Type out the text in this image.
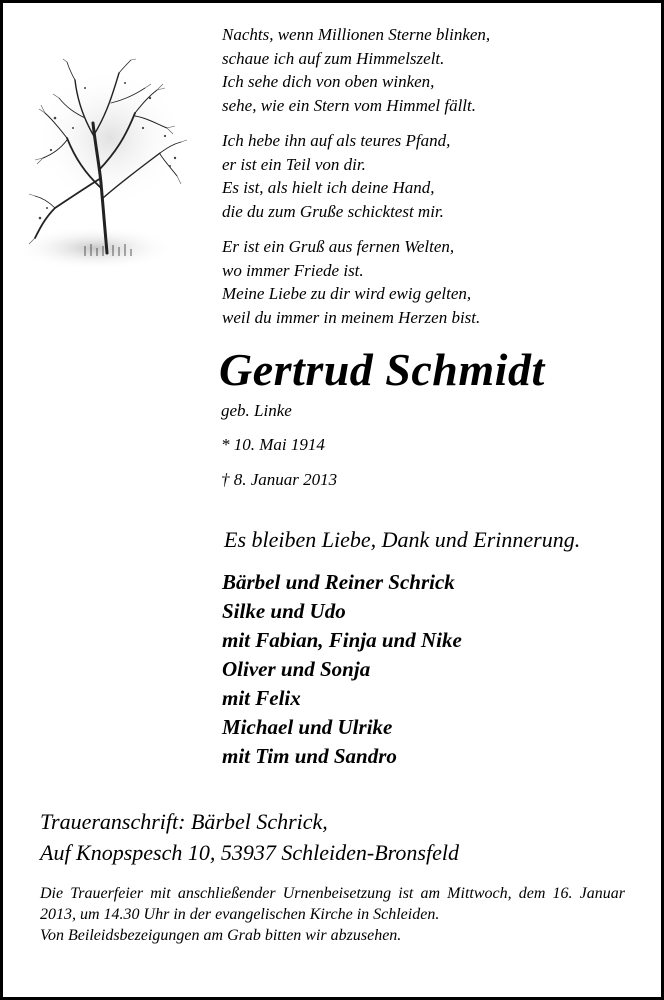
Nachts, wenn Millionen Sterne blinken,
schaue ich auf zum Himmelszelt.
Ich sehe dich von oben winken,
sehe, wie ein Stern vom Himmel fällt.
Ich hebe ihn auf als teures Pfand,
er ist ein Teil von dir.
Es ist, als hielt ich deine Hand,
die du zum Gruße schicktest mir.
Er ist ein Gruß aus fernen Welten,
wo immer Friede ist.
Meine Liebe zu dir wird ewig gelten,
weil du immer in meinem Herzen bist.
Gertrud Schmidt
geb. Linke
* 10. Mai 1914
† 8. Januar 2013
Es bleiben Liebe, Dank und Erinnerung.
Bärbel und Reiner Schrick
Silke und Udo
mit Fabian, Finja und Nike
Oliver und Sonja
mit Felix
Michael und Ulrike
mit Tim und Sandro
Traueranschrift: Bärbel Schrick,
Auf Knopspesch 10, 53937 Schleiden-Bronsfeld

Die Trauerfeier mit anschließender Urnenbeisetzung ist am Mittwoch, dem 16. Januar 2013, um 14.30 Uhr in der evangelischen Kirche in Schleiden.

Von Beileidsbezeigungen am Grab bitten wir abzusehen.
